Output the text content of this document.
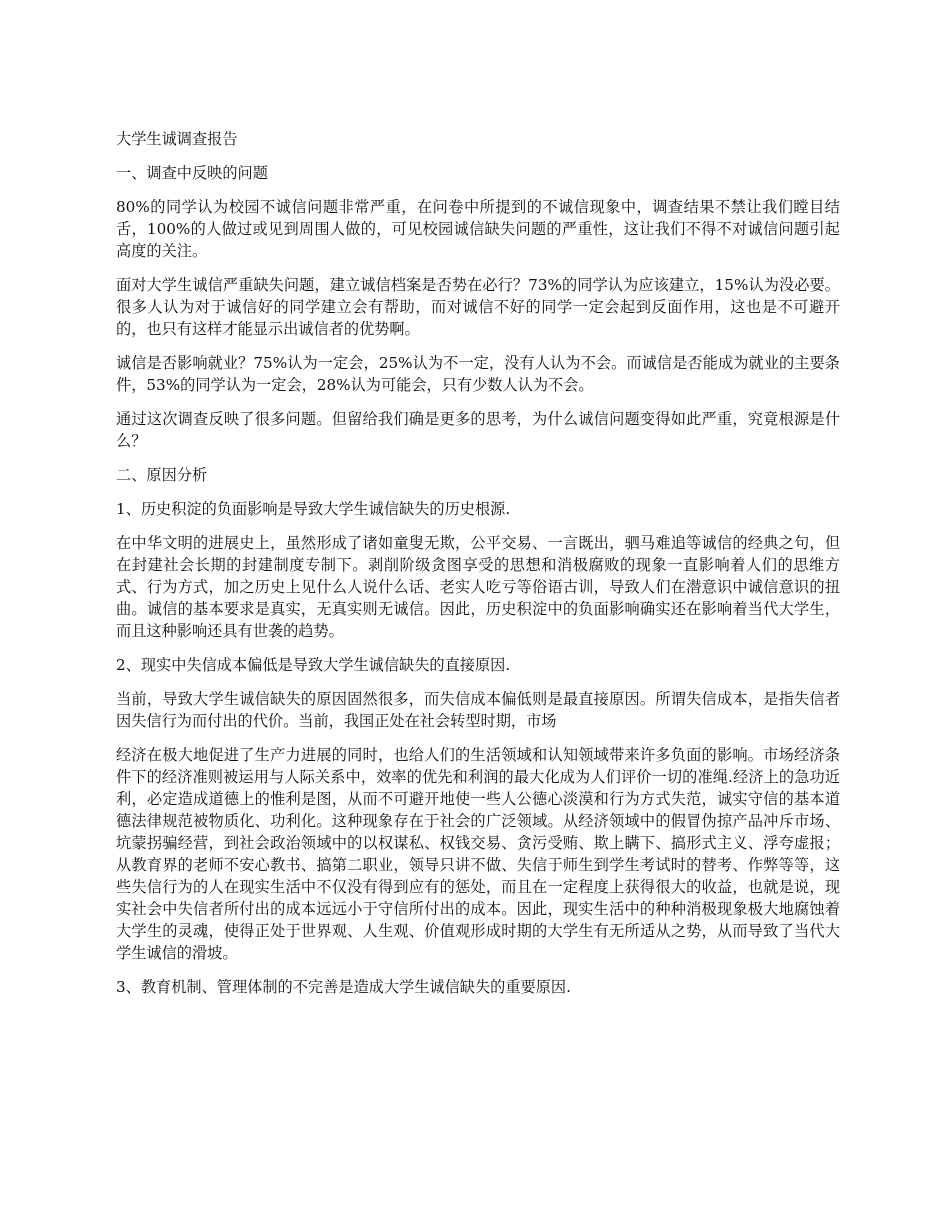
大学生诚调查报告

一、调查中反映的问题

80%的同学认为校园不诚信问题非常严重，在问卷中所提到的不诚信现象中，调查结果不禁让我们瞠目结舌，100%的人做过或见到周围人做的，可见校园诚信缺失问题的严重性，这让我们不得不对诚信问题引起高度的关注。

面对大学生诚信严重缺失问题，建立诚信档案是否势在必行？73%的同学认为应该建立，15%认为没必要。很多人认为对于诚信好的同学建立会有帮助，而对诚信不好的同学一定会起到反面作用，这也是不可避开的，也只有这样才能显示出诚信者的优势啊。

诚信是否影响就业？75%认为一定会，25%认为不一定，没有人认为不会。而诚信是否能成为就业的主要条件，53%的同学认为一定会，28%认为可能会，只有少数人认为不会。

通过这次调查反映了很多问题。但留给我们确是更多的思考，为什么诚信问题变得如此严重，究竟根源是什么？

二、原因分析

1、历史积淀的负面影响是导致大学生诚信缺失的历史根源.

在中华文明的进展史上，虽然形成了诸如童叟无欺，公平交易、一言既出，驷马难追等诚信的经典之句，但在封建社会长期的封建制度专制下。剥削阶级贪图享受的思想和消极腐败的现象一直影响着人们的思维方式、行为方式，加之历史上见什么人说什么话、老实人吃亏等俗语古训，导致人们在潜意识中诚信意识的扭曲。诚信的基本要求是真实，无真实则无诚信。因此，历史积淀中的负面影响确实还在影响着当代大学生，而且这种影响还具有世袭的趋势。

2、现实中失信成本偏低是导致大学生诚信缺失的直接原因.

当前，导致大学生诚信缺失的原因固然很多，而失信成本偏低则是最直接原因。所谓失信成本，是指失信者因失信行为而付出的代价。当前，我国正处在社会转型时期，市场

经济在极大地促进了生产力进展的同时，也给人们的生活领域和认知领域带来许多负面的影响。市场经济条件下的经济准则被运用与人际关系中，效率的优先和利润的最大化成为人们评价一切的准绳.经济上的急功近利，必定造成道德上的惟利是图，从而不可避开地使一些人公德心淡漠和行为方式失范，诚实守信的基本道德法律规范被物质化、功利化。这种现象存在于社会的广泛领域。从经济领域中的假冒伪掠产品冲斥市场、坑蒙拐骗经营，到社会政治领域中的以权谋私、权钱交易、贪污受贿、欺上瞒下、搞形式主义、浮夸虚报；从教育界的老师不安心教书、搞第二职业，领导只讲不做、失信于师生到学生考试时的替考、作弊等等，这些失信行为的人在现实生活中不仅没有得到应有的惩处，而且在一定程度上获得很大的收益，也就是说，现实社会中失信者所付出的成本远远小于守信所付出的成本。因此，现实生活中的种种消极现象极大地腐蚀着大学生的灵魂，使得正处于世界观、人生观、价值观形成时期的大学生有无所适从之势，从而导致了当代大学生诚信的滑坡。

3、教育机制、管理体制的不完善是造成大学生诚信缺失的重要原因.
